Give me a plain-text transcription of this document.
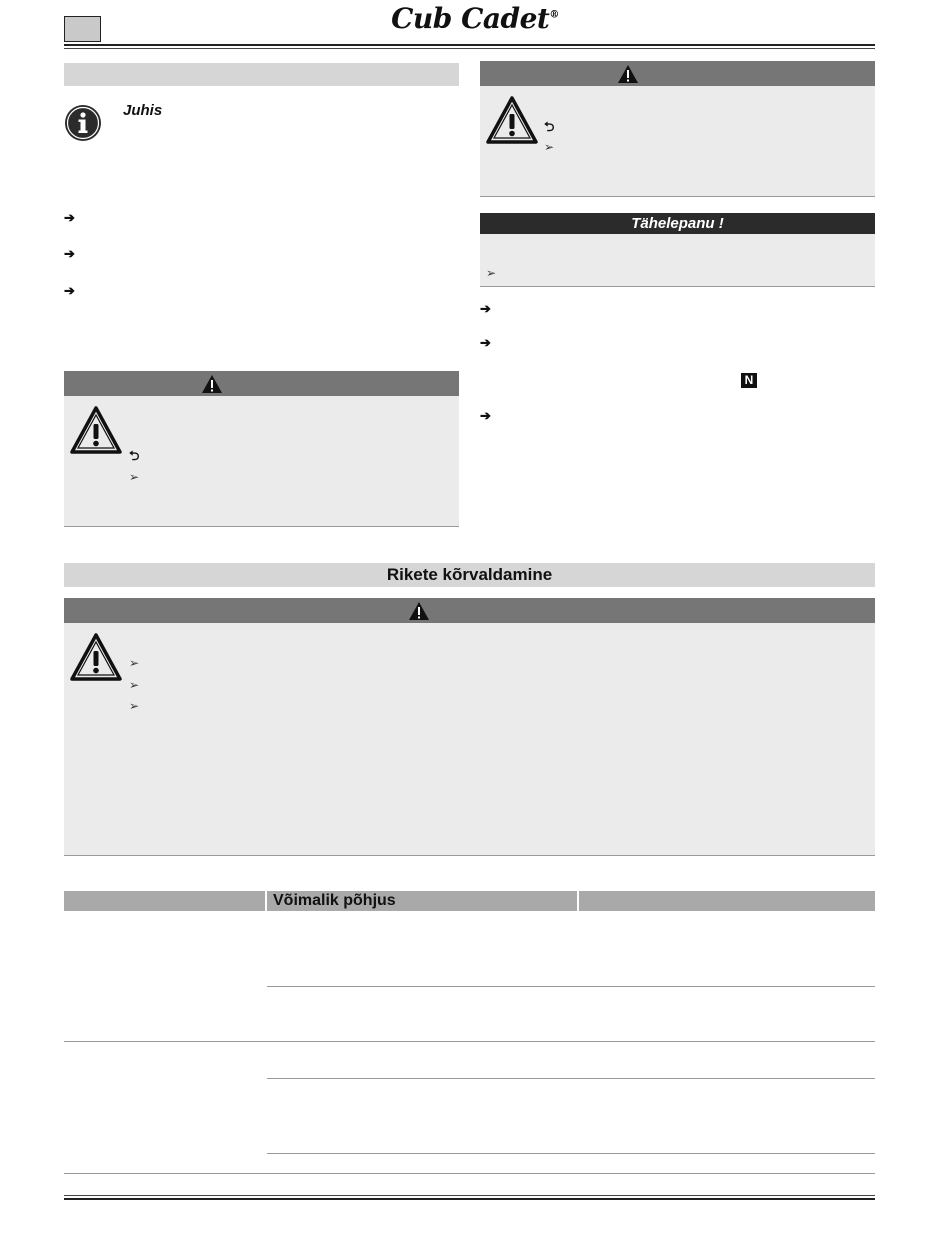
Cub Cadet®
Juhis
➔
➔
➔
⮌
➢
⮌
➢
Tähelepanu !
➢
➔
➔
N
➔
Rikete kõrvaldamine
➢
➢
➢
Võimalik põhjus
